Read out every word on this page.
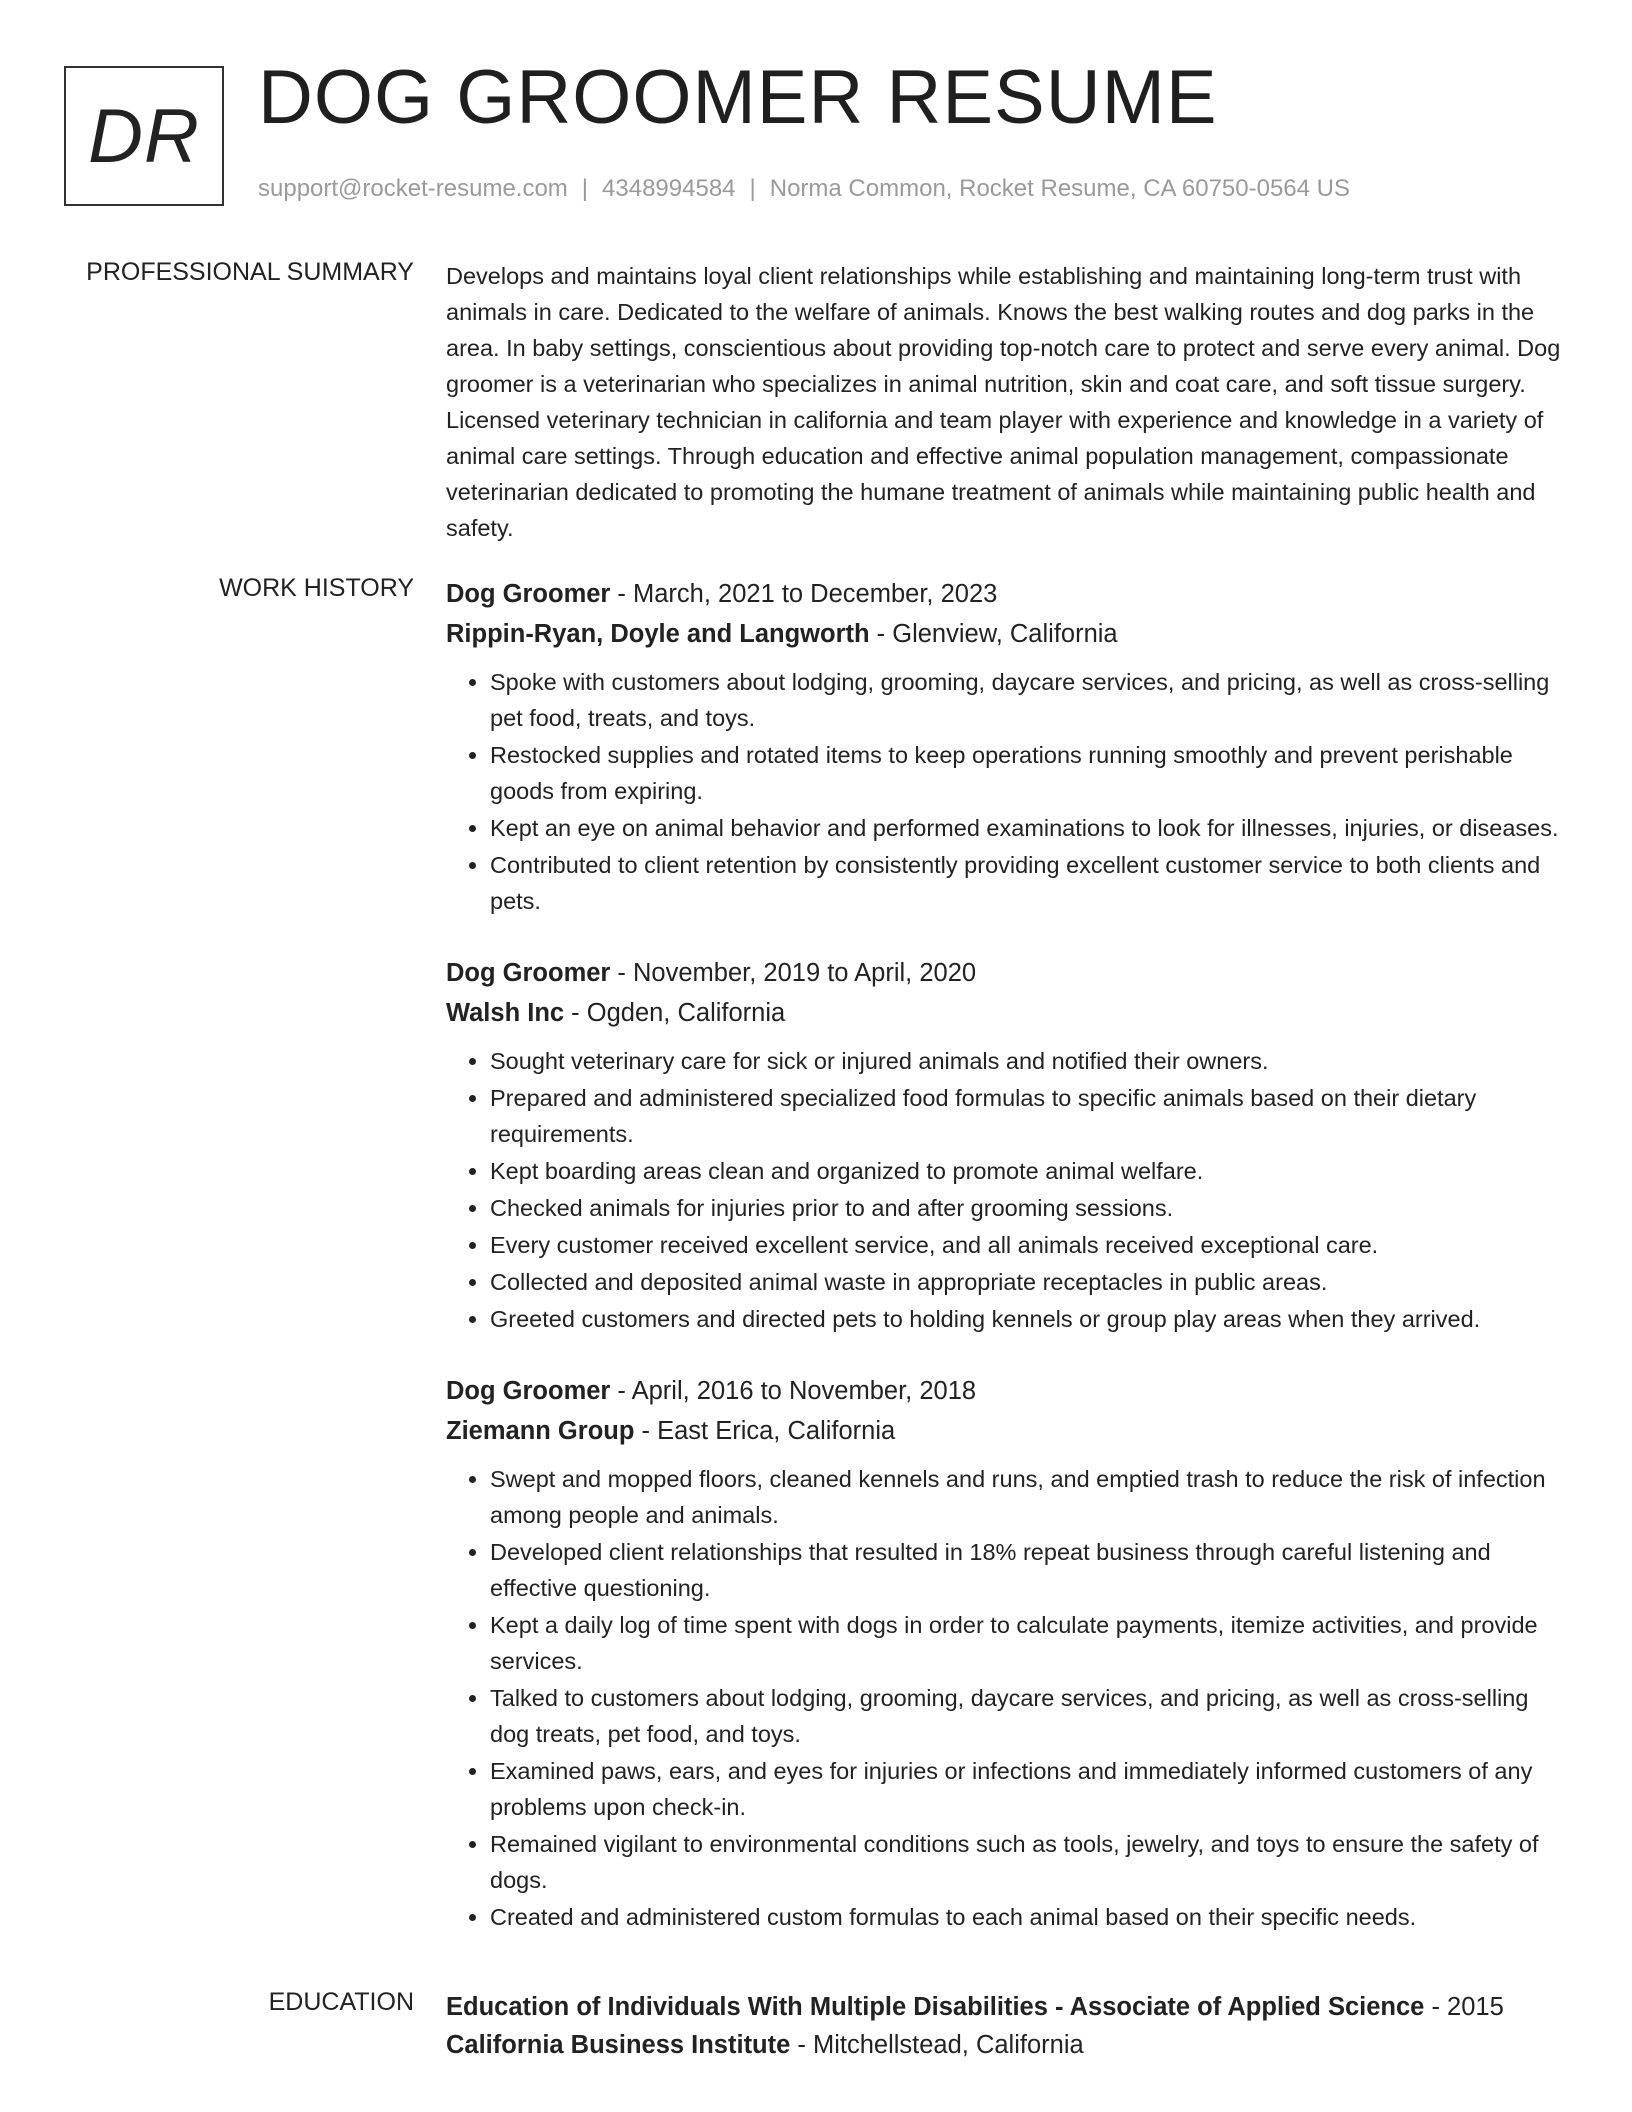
DR DOG GROOMER RESUME
support@rocket-resume.com | 4348994584 | Norma Common, Rocket Resume, CA 60750-0564 US
PROFESSIONAL SUMMARY Develops and maintains loyal client relationships while establishing and maintaining long-term trust with animals in care. Dedicated to the welfare of animals. Knows the best walking routes and dog parks in the area. In baby settings, conscientious about providing top-notch care to protect and serve every animal. Dog groomer is a veterinarian who specializes in animal nutrition, skin and coat care, and soft tissue surgery. Licensed veterinary technician in california and team player with experience and knowledge in a variety of animal care settings. Through education and effective animal population management, compassionate veterinarian dedicated to promoting the humane treatment of animals while maintaining public health and safety.

WORK HISTORY Dog Groomer - March, 2021 to December, 2023
Rippin-Ryan, Doyle and Langworth - Glenview, California
• Spoke with customers about lodging, grooming, daycare services, and pricing, as well as cross-selling pet food, treats, and toys.
• Restocked supplies and rotated items to keep operations running smoothly and prevent perishable goods from expiring.
• Kept an eye on animal behavior and performed examinations to look for illnesses, injuries, or diseases.
• Contributed to client retention by consistently providing excellent customer service to both clients and pets.
Dog Groomer - November, 2019 to April, 2020
Walsh Inc - Ogden, California
• Sought veterinary care for sick or injured animals and notified their owners.
• Prepared and administered specialized food formulas to specific animals based on their dietary requirements.
• Kept boarding areas clean and organized to promote animal welfare.
• Checked animals for injuries prior to and after grooming sessions.
• Every customer received excellent service, and all animals received exceptional care.
• Collected and deposited animal waste in appropriate receptacles in public areas.
• Greeted customers and directed pets to holding kennels or group play areas when they arrived.
Dog Groomer - April, 2016 to November, 2018
Ziemann Group - East Erica, California
• Swept and mopped floors, cleaned kennels and runs, and emptied trash to reduce the risk of infection among people and animals.
• Developed client relationships that resulted in 18% repeat business through careful listening and effective questioning.
• Kept a daily log of time spent with dogs in order to calculate payments, itemize activities, and provide services.
• Talked to customers about lodging, grooming, daycare services, and pricing, as well as cross-selling dog treats, pet food, and toys.
• Examined paws, ears, and eyes for injuries or infections and immediately informed customers of any problems upon check-in.
• Remained vigilant to environmental conditions such as tools, jewelry, and toys to ensure the safety of dogs.
• Created and administered custom formulas to each animal based on their specific needs.
EDUCATION Education of Individuals With Multiple Disabilities - Associate of Applied Science - 2015
California Business Institute - Mitchellstead, California
